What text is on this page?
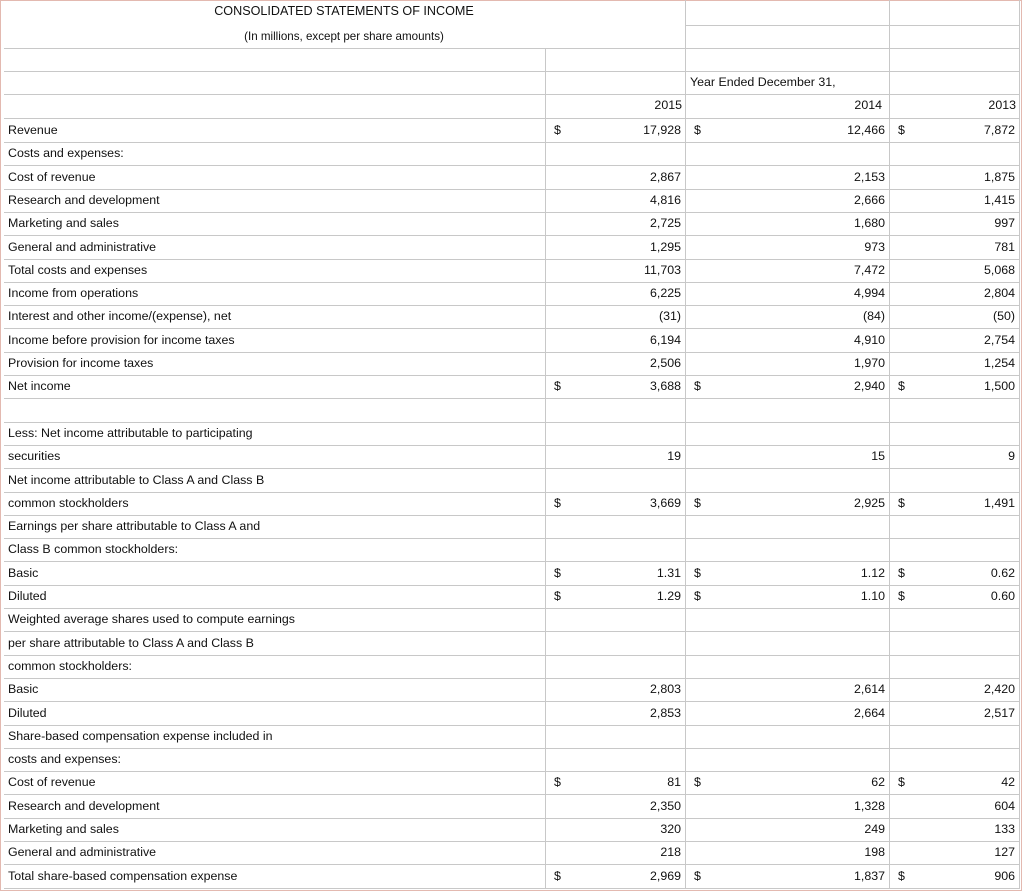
Revenue	17,928	12,466	7,872
$	$	$
Costs and expenses:
Cost of revenue	2,867	2,153	1,875
Research and development	4,816	2,666	1,415
Marketing and sales	2,725	1,680	997
General and administrative	1,295	973	781
Total costs and expenses	11,703	7,472	5,068
Income from operations	6,225	4,994	2,804
Interest and other income/(expense), net	(31)	(84)	(50)
Income before provision for income taxes	6,194	4,910	2,754
Provision for income taxes	2,506	1,970	1,254
Net income	3,688	2,940	1,500
$	$	$
Less: Net income attributable to participating
securities	19	15	9
Net income attributable to Class A and Class B
common stockholders	3,669	2,925	1,491
$	$	$
Earnings per share attributable to Class A and
Class B common stockholders:
Basic	1.31	1.12	0.62
$	$	$
Diluted	1.29	1.10	0.60
$	$	$
Weighted average shares used to compute earnings
per share attributable to Class A and Class B
common stockholders:
Basic	2,803	2,614	2,420
Diluted	2,853	2,664	2,517
Share-based compensation expense included in
costs and expenses:
Cost of revenue	81	62	42
$	$	$
Research and development	2,350	1,328	604
Marketing and sales	320	249	133
General and administrative	218	198	127
Total share-based compensation expense	2,969	1,837	906
$	$	$
CONSOLIDATED STATEMENTS OF INCOME
(In millions, except per share amounts)
Year Ended December 31,
2015	2014	2013
